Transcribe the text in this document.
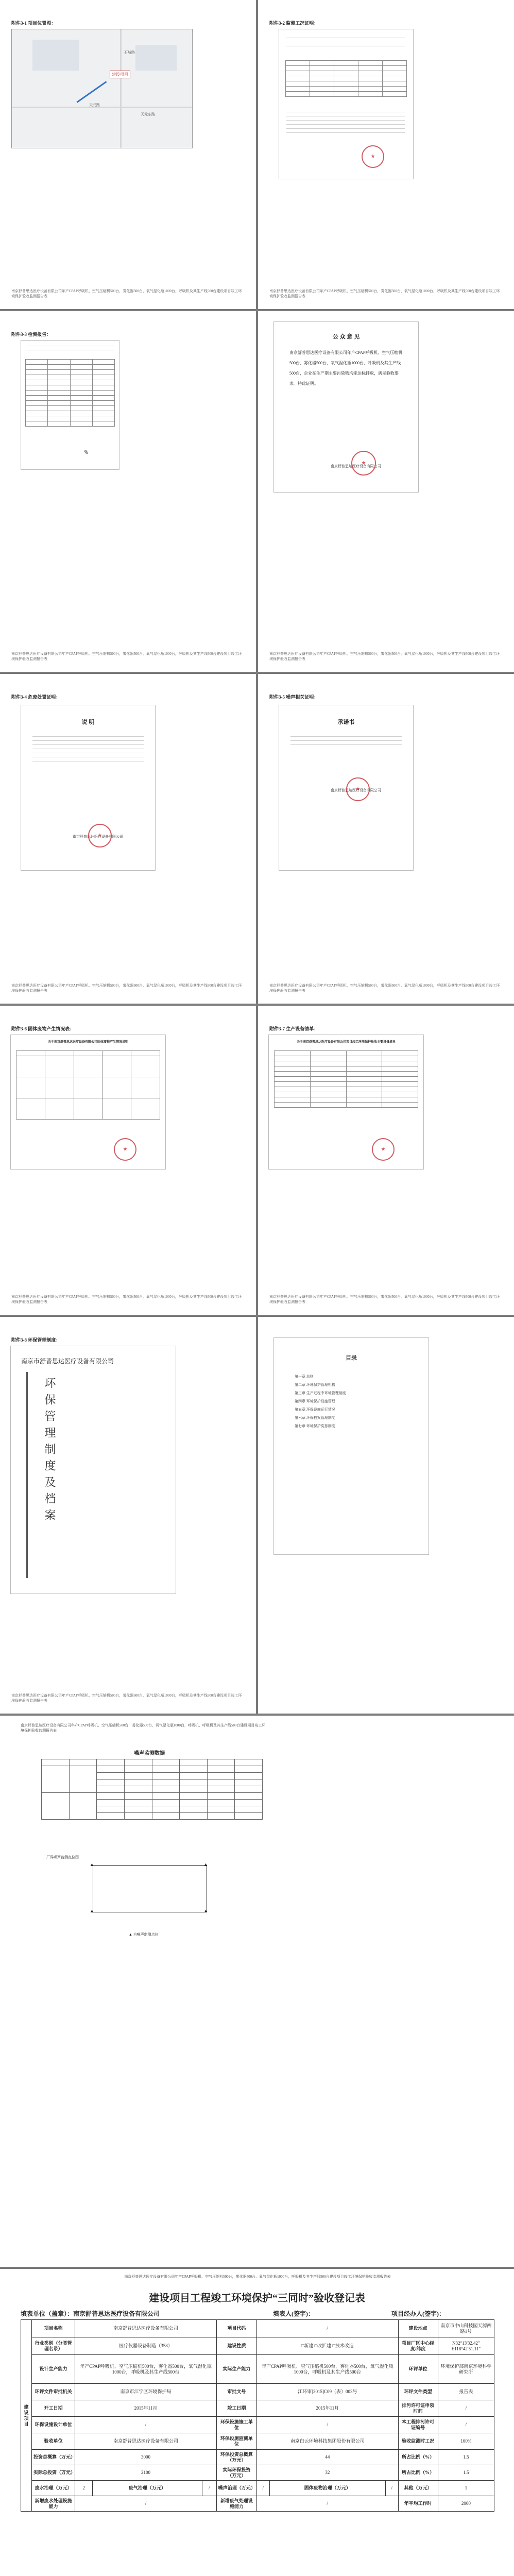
附件3-1 项目位置图：
建设项目
天元路
天元东路
石城路
南京舒普思达医疗设备有限公司年产CPAP呼吸机、空气压缩机500台，雾化器500台、氧气湿化瓶1000台，呼吸机及其生产线500台建设项目竣工环境保护验收监测报告表
附件3-2 监测工况证明：

★
南京舒普思达医疗设备有限公司年产CPAP呼吸机、空气压缩机500台，雾化器500台、氧气湿化瓶1000台，呼吸机及其生产线500台建设项目竣工环境保护验收监测报告表
附件3-3 检测报告：

✎
南京舒普思达医疗设备有限公司年产CPAP呼吸机、空气压缩机500台，雾化器500台、氧气湿化瓶1000台，呼吸机及其生产线500台建设项目竣工环境保护验收监测报告表
公 众 意 见
南京舒普思达医疗设备有限公司年产CPAP呼吸机、空气压缩机500台，雾化器500台、氧气湿化瓶1000台，呼吸机及其生产线500台，企业在生产期主要污染物均能达标排放，满足验收要求。特此证明。
南京舒普思达医疗设备有限公司
★
南京舒普思达医疗设备有限公司年产CPAP呼吸机、空气压缩机500台，雾化器500台、氧气湿化瓶1000台，呼吸机及其生产线500台建设项目竣工环境保护验收监测报告表
附件3-4 危废处置证明：
说 明
南京舒普思达医疗设备有限公司
★
南京舒普思达医疗设备有限公司年产CPAP呼吸机、空气压缩机500台，雾化器500台、氧气湿化瓶1000台，呼吸机及其生产线500台建设项目竣工环境保护验收监测报告表
附件3-5 噪声相关证明：
承诺书
南京舒普思达医疗设备有限公司
★
南京舒普思达医疗设备有限公司年产CPAP呼吸机、空气压缩机500台，雾化器500台、氧气湿化瓶1000台，呼吸机及其生产线500台建设项目竣工环境保护验收监测报告表
附件3-6 固体废物产生情况表：
关于南京舒普思达医疗设备有限公司固体废物产生情况说明

★
南京舒普思达医疗设备有限公司年产CPAP呼吸机、空气压缩机500台，雾化器500台、氧气湿化瓶1000台，呼吸机及其生产线500台建设项目竣工环境保护验收监测报告表
附件3-7 生产设备清单：
关于南京舒普思达医疗设备有限公司项目竣工环境保护验收主要设备清单

★
南京舒普思达医疗设备有限公司年产CPAP呼吸机、空气压缩机500台，雾化器500台、氧气湿化瓶1000台，呼吸机及其生产线500台建设项目竣工环境保护验收监测报告表
附件3-8 环保管理制度：
南京市舒普思达医疗设备有限公司
环保管理制度及档案
南京舒普思达医疗设备有限公司年产CPAP呼吸机、空气压缩机500台，雾化器500台、氧气湿化瓶1000台，呼吸机及其生产线500台建设项目竣工环境保护验收监测报告表
目录
第一章 总则
第二章 环境保护管理机构
第三章 生产过程中环境管理制度
第四章 环境保护设施管理
第五章 环保设施运行情况
第六章 环保档案管理制度
第七章 环境保护奖惩制度
南京舒普思达医疗设备有限公司年产CPAP呼吸机、空气压缩机500台，雾化器500台，氧气湿化瓶1000台，呼吸机、呼吸机及其生产线500台建设项目竣工环境保护验收监测报告表
噪声监测数据

▲	▲
▲	▲
厂界噪声监测点位图
▲ 为噪声监测点位
南京舒普思达医疗设备有限公司年产CPAP呼吸机、空气压缩机500台，雾化器500台、氧气湿化瓶1000台，呼吸机及其生产线500台建设项目竣工环境保护验收监测报告表
建设项目工程竣工环境保护“三同时”验收登记表
填表单位（盖章）：南京舒普思达医疗设备有限公司	填表人(签字)：	项目经办人(签字)：
建
设
项
目	项目名称	南京舒普思达医疗设备有限公司			项目代码	/			建设地点	南京市中山科技园天源西路1号
	行业类别（分类管理名录）	医疗仪器设备制造（358）			建设性质	□新建 □改扩建 □技术改造			项目厂区中心经度/纬度	N32°13'32.42" E118°42'51.11"
	设计生产能力	年产CPAP呼吸机、空气压缩机500台，雾化器500台，氧气湿化瓶1000台，呼吸机及其生产线500台			实际生产能力	年产CPAP呼吸机、空气压缩机500台，雾化器500台，氧气湿化瓶1000台，呼吸机及其生产线500台			环评单位	环境保护部南京环境科学研究所
	环评文件审批机关	南京市江宁区环境保护局			审批文号	江环审[2015]C09（表）003号			环评文件类型	报告表
	开工日期	2015年11月			竣工日期	2015年11月			排污许可证申领时间	/
	环保设施设计单位	/			环保设施施工单位	/			本工程排污许可证编号	/
	验收单位	南京舒普思达医疗设备有限公司			环保设施监测单位	南京白云环境科技集团股份有限公司			验收监测时工况	100%
	投资总概算（万元）	3000			环保投资总概算（万元）	44			所占比例（%）	1.5
	实际总投资（万元）	2100			实际环保投资（万元）	32			所占比例（%）	1.5
	废水治理（万元）	2	废气治理（万元）	/	噪声治理（万元）	/	固体废物治理（万元）	/	其他（万元）	1
	新增废水处理设施能力	/			新增废气处理设施能力	/			年平均工作时	2000
